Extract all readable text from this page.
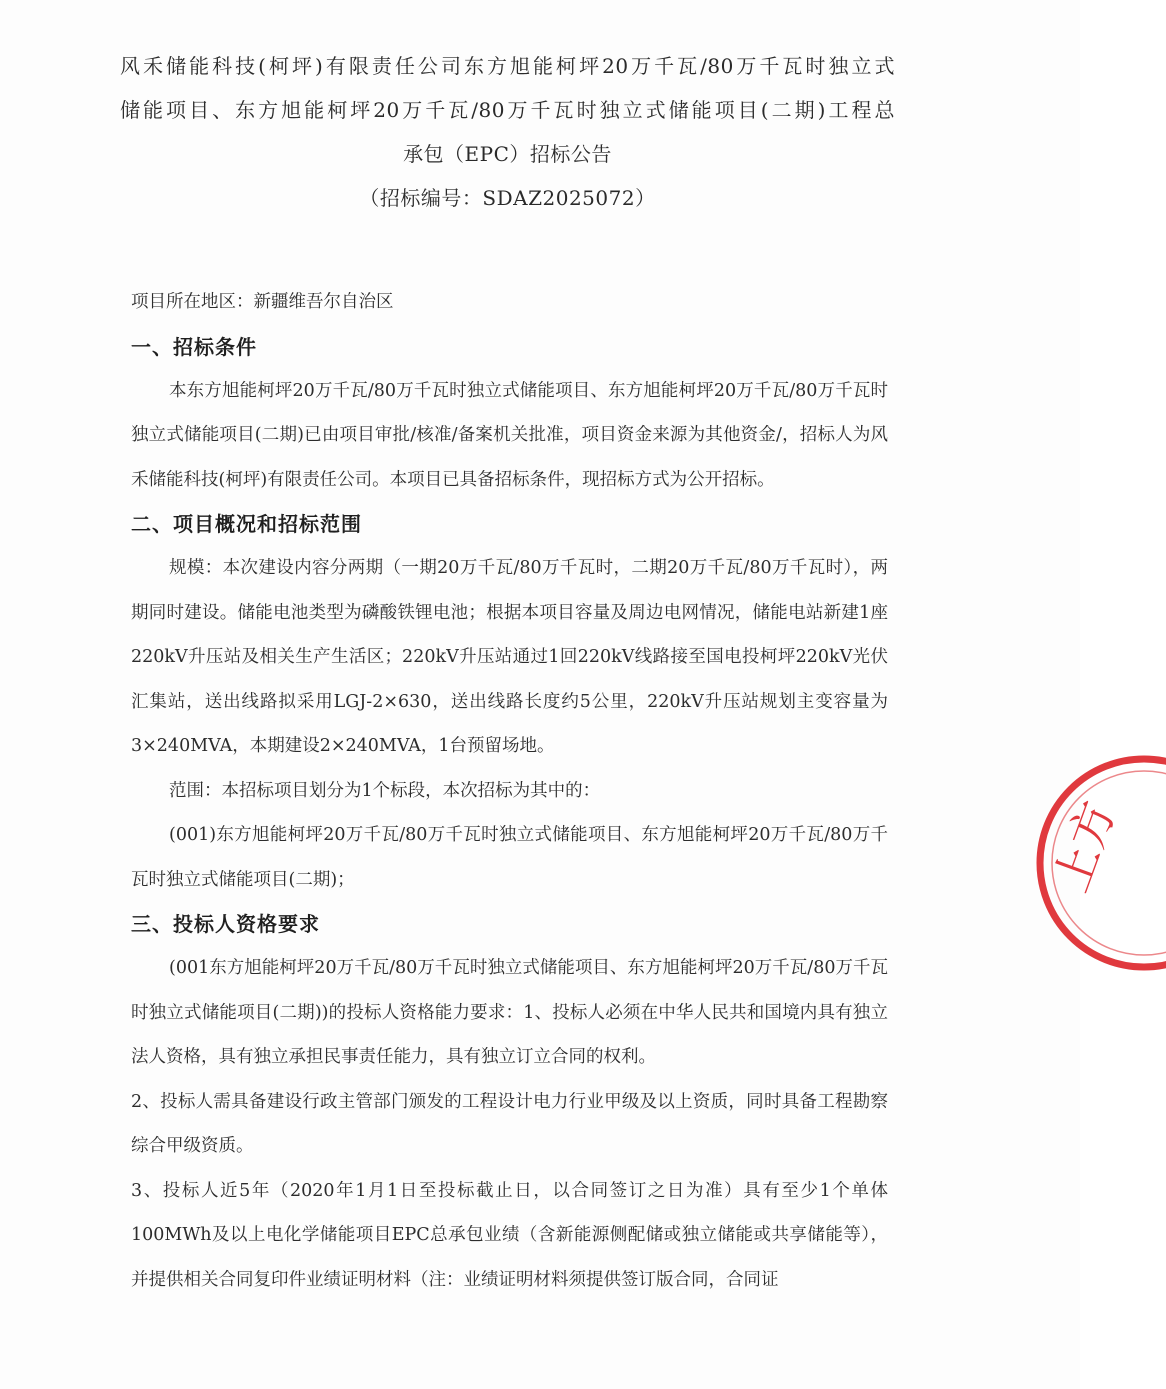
风禾储能科技(柯坪)有限责任公司东方旭能柯坪20万千瓦/80万千瓦时独立式
储能项目、东方旭能柯坪20万千瓦/80万千瓦时独立式储能项目(二期)工程总
承包（EPC）招标公告
（招标编号：SDAZ2025072）

项目所在地区：新疆维吾尔自治区

一、招标条件

本东方旭能柯坪20万千瓦/80万千瓦时独立式储能项目、东方旭能柯坪20万千瓦/80万千瓦时独立式储能项目(二期)已由项目审批/核准/备案机关批准，项目资金来源为其他资金/，招标人为风禾储能科技(柯坪)有限责任公司。本项目已具备招标条件，现招标方式为公开招标。

二、项目概况和招标范围

规模：本次建设内容分两期（一期20万千瓦/80万千瓦时，二期20万千瓦/80万千瓦时），两期同时建设。储能电池类型为磷酸铁锂电池；根据本项目容量及周边电网情况，储能电站新建1座220kV升压站及相关生产生活区；220kV升压站通过1回220kV线路接至国电投柯坪220kV光伏汇集站，送出线路拟采用LGJ-2×630，送出线路长度约5公里，220kV升压站规划主变容量为3×240MVA，本期建设2×240MVA，1台预留场地。

范围：本招标项目划分为1个标段，本次招标为其中的：

(001)东方旭能柯坪20万千瓦/80万千瓦时独立式储能项目、东方旭能柯坪20万千瓦/80万千瓦时独立式储能项目(二期)；

三、投标人资格要求

(001东方旭能柯坪20万千瓦/80万千瓦时独立式储能项目、东方旭能柯坪20万千瓦/80万千瓦时独立式储能项目(二期))的投标人资格能力要求：1、投标人必须在中华人民共和国境内具有独立法人资格，具有独立承担民事责任能力，具有独立订立合同的权利。

2、投标人需具备建设行政主管部门颁发的工程设计电力行业甲级及以上资质，同时具备工程勘察综合甲级资质。

3、投标人近5年（2020年1月1日至投标截止日，以合同签订之日为准）具有至少1个单体100MWh及以上电化学储能项目EPC总承包业绩（含新能源侧配储或独立储能或共享储能等），并提供相关合同复印件业绩证明材料（注：业绩证明材料须提供签订版合同，合同证

上方
